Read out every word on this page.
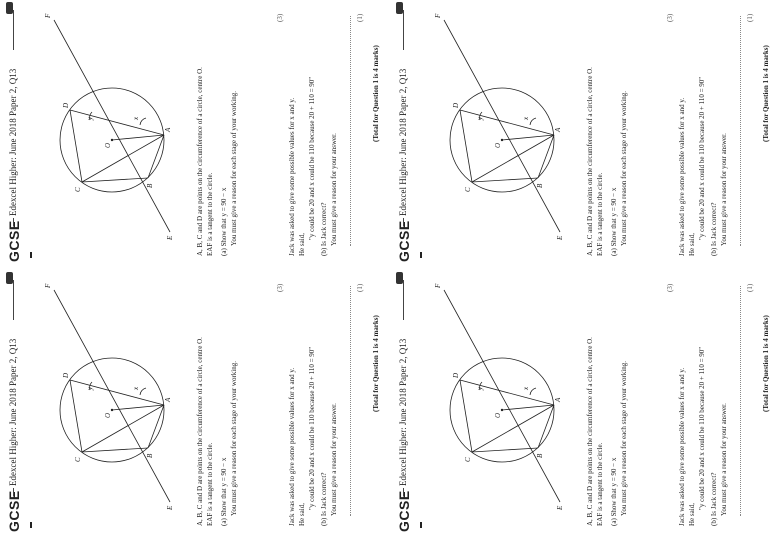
GCSE
Edexcel Higher: June 2018 Paper 2, Q13
E
F
A
B
C
D
O
x
y	A, B, C and D are points on the circumference of a circle, centre O. EAF is a tangent to the circle. (a) Show that y = 90 − x You must give a reason for each stage of your working.
(3)
Jack was asked to give some possible values for x and y. He said,
"y could be 20 and x could be 110 because 20 + 110 = 90" (b) Is Jack correct? You must give a reason for your answer.
(1)
(Total for Question 1 is 4 marks)
GCSE
Edexcel Higher: June 2018 Paper 2, Q13
E
F
A
B
C
D
O
x
y	A, B, C and D are points on the circumference of a circle, centre O. EAF is a tangent to the circle. (a) Show that y = 90 − x You must give a reason for each stage of your working.
(3)
Jack was asked to give some possible values for x and y. He said,
"y could be 20 and x could be 110 because 20 + 110 = 90" (b) Is Jack correct? You must give a reason for your answer.
(1)
(Total for Question 1 is 4 marks)
GCSE
Edexcel Higher: June 2018 Paper 2, Q13
E
F
A
B
C
D
O
x
y	A, B, C and D are points on the circumference of a circle, centre O. EAF is a tangent to the circle. (a) Show that y = 90 − x You must give a reason for each stage of your working.
(3)
Jack was asked to give some possible values for x and y. He said,
"y could be 20 and x could be 110 because 20 + 110 = 90" (b) Is Jack correct? You must give a reason for your answer.
(1)
(Total for Question 1 is 4 marks)
GCSE
Edexcel Higher: June 2018 Paper 2, Q13
E
F
A
B
C
D
O
x
y	A, B, C and D are points on the circumference of a circle, centre O. EAF is a tangent to the circle. (a) Show that y = 90 − x You must give a reason for each stage of your working.
(3)
Jack was asked to give some possible values for x and y. He said,
"y could be 20 and x could be 110 because 20 + 110 = 90" (b) Is Jack correct? You must give a reason for your answer.
(1)
(Total for Question 1 is 4 marks)
